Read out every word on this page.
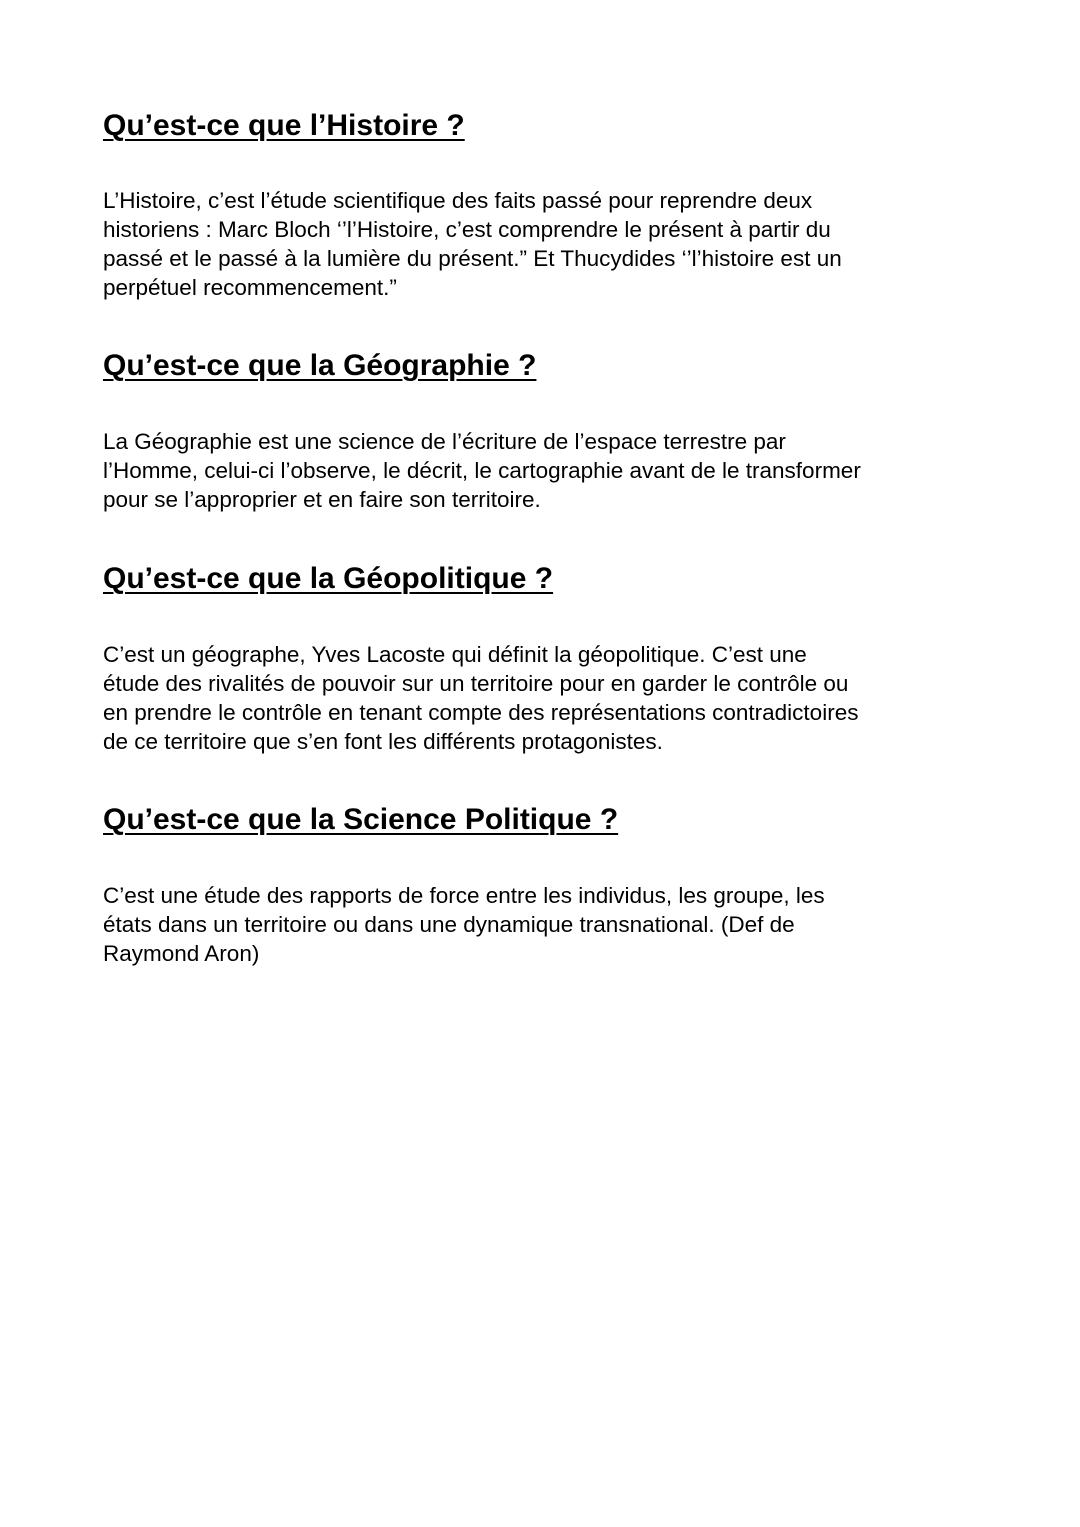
Qu’est-ce que l’Histoire ?

L’Histoire, c’est l’étude scientifique des faits passé pour reprendre deux
historiens : Marc Bloch ‘’l’Histoire, c’est comprendre le présent à partir du
passé et le passé à la lumière du présent.” Et Thucydides ‘’l’histoire est un
perpétuel recommencement.”

Qu’est-ce que la Géographie ?

La Géographie est une science de l’écriture de l’espace terrestre par
l’Homme, celui-ci l’observe, le décrit, le cartographie avant de le transformer
pour se l’approprier et en faire son territoire.

Qu’est-ce que la Géopolitique ?

C’est un géographe, Yves Lacoste qui définit la géopolitique. C’est une
étude des rivalités de pouvoir sur un territoire pour en garder le contrôle ou
en prendre le contrôle en tenant compte des représentations contradictoires
de ce territoire que s’en font les différents protagonistes.

Qu’est-ce que la Science Politique ?

C’est une étude des rapports de force entre les individus, les groupe, les
états dans un territoire ou dans une dynamique transnational. (Def de
Raymond Aron)
